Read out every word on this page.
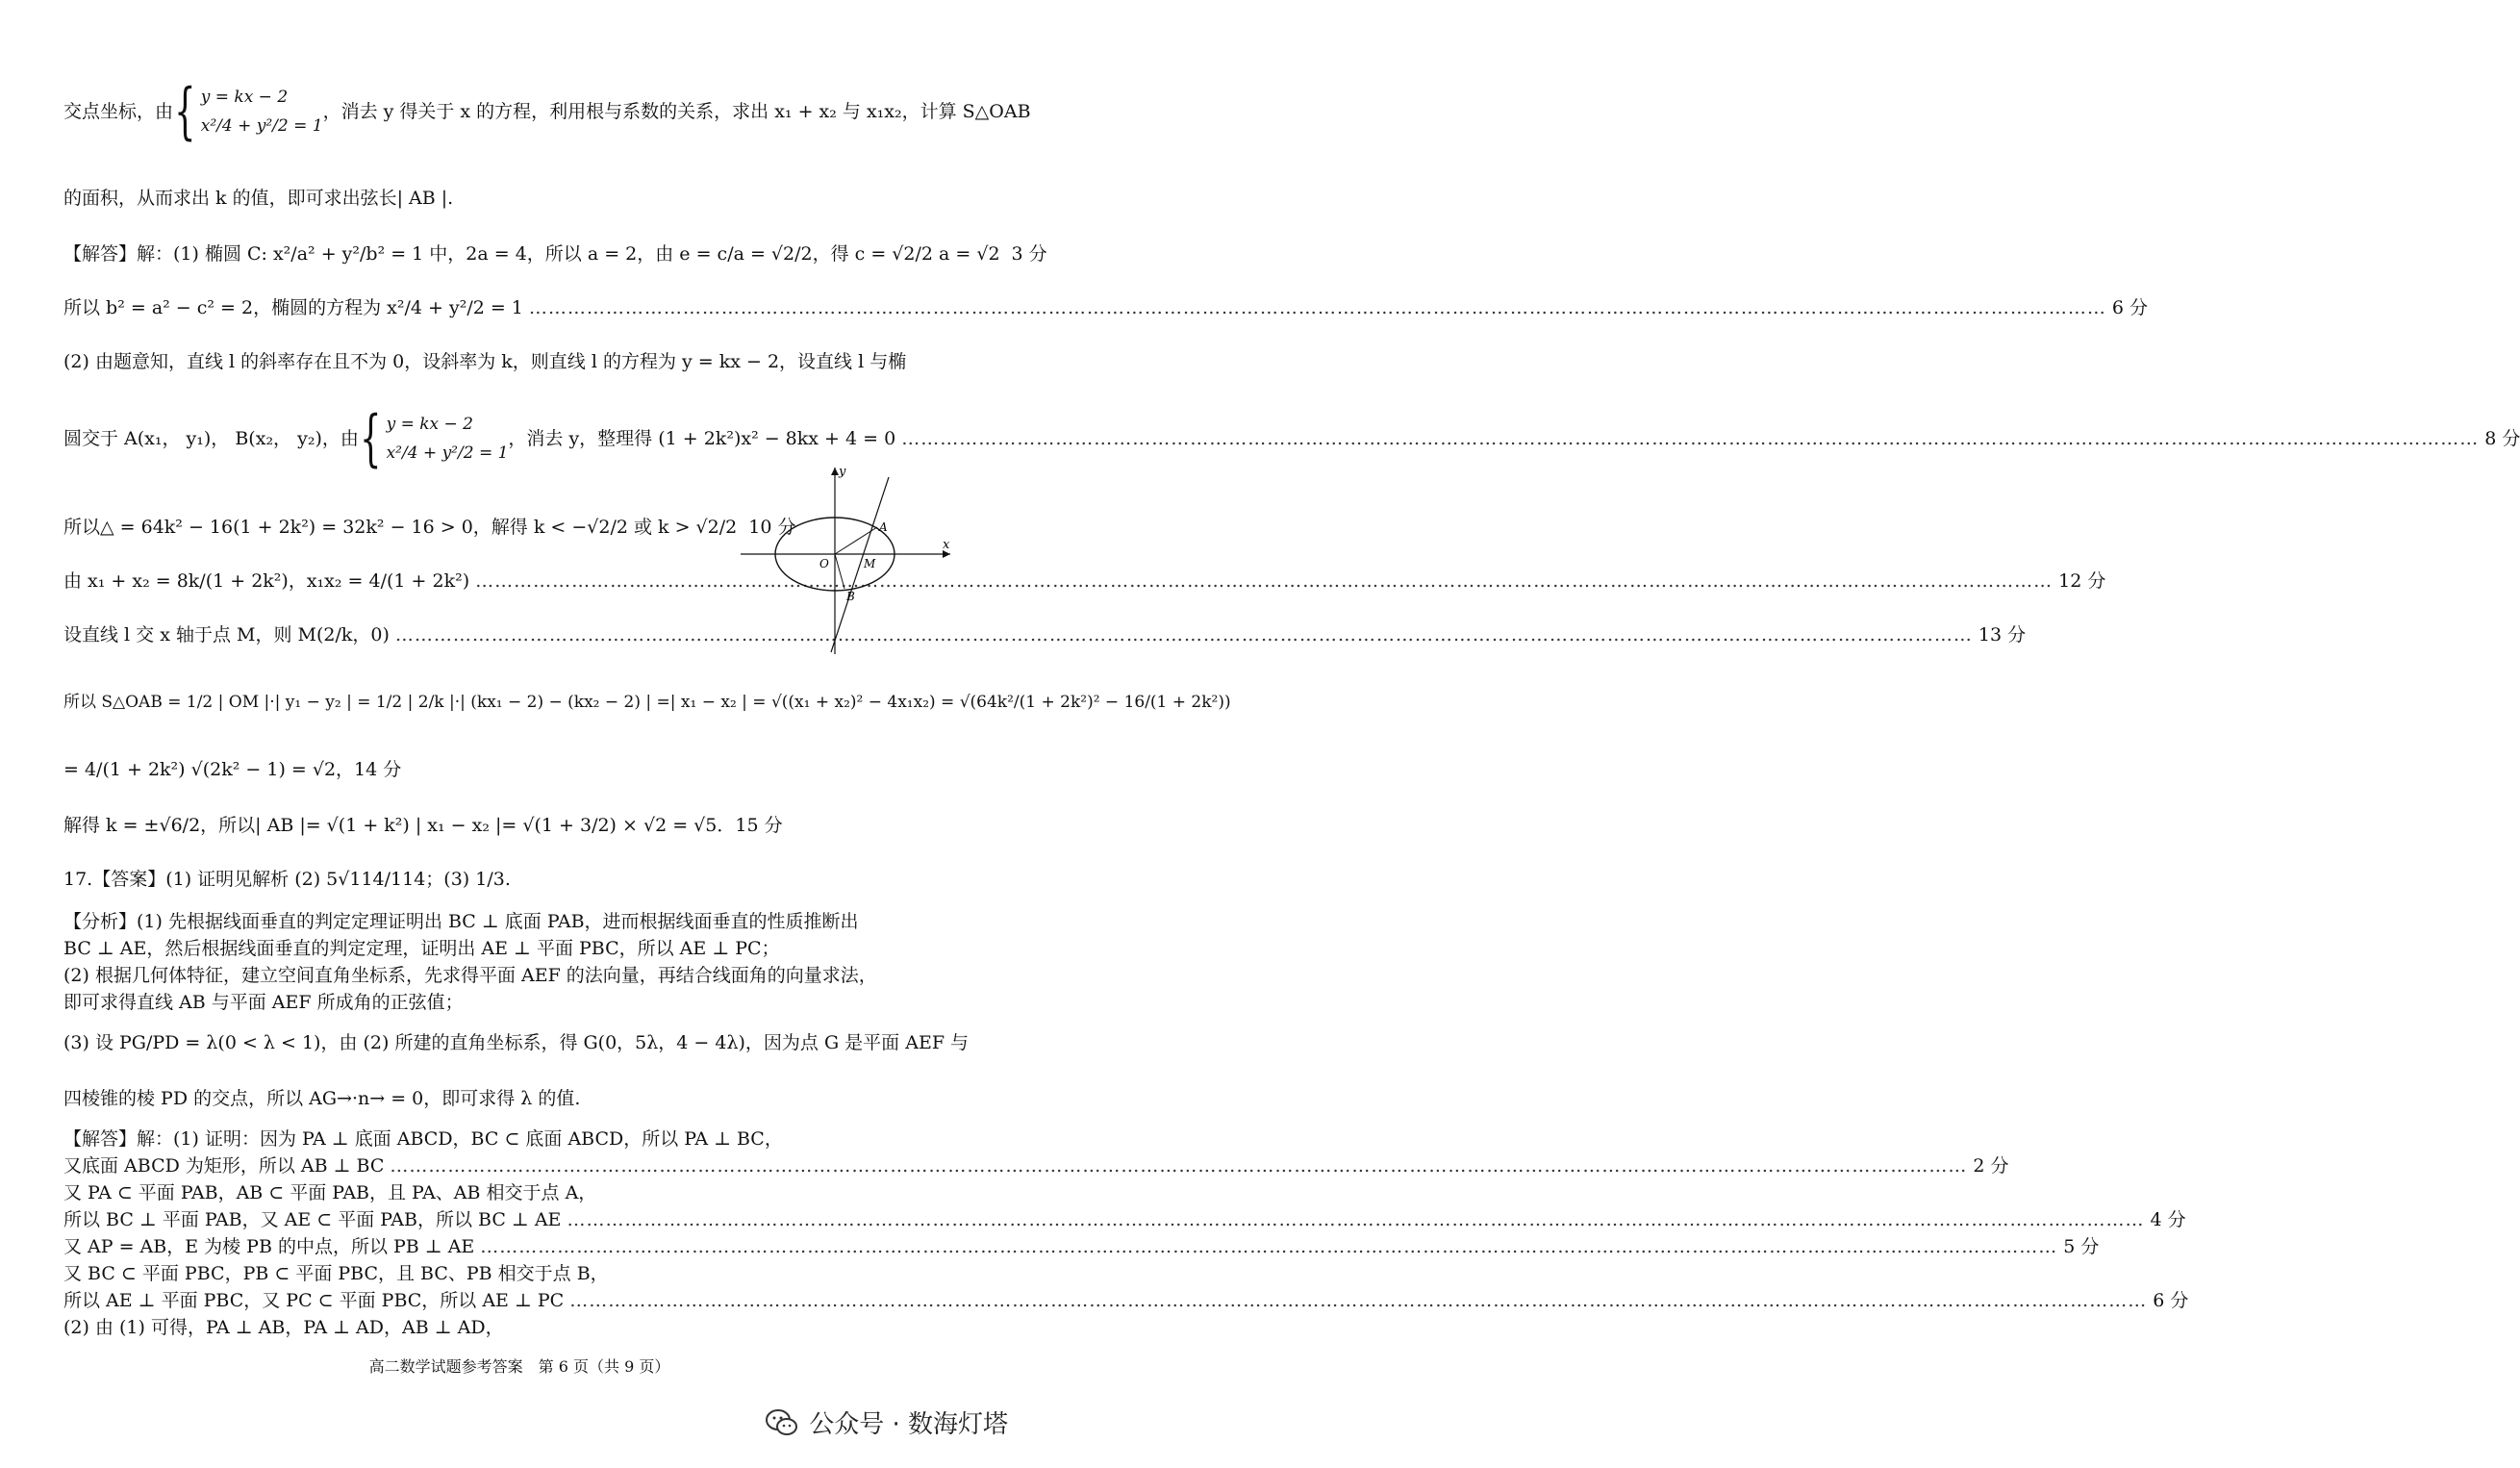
交点坐标，由 { y = kx − 2
x²/4 + y²/2 = 1
，消去 y 得关于 x 的方程，利用根与系数的关系，求出 x₁ + x₂ 与 x₁x₂，计算 S△OAB
的面积，从而求出 k 的值，即可求出弦长| AB |.
【解答】解：(1) 椭圆 C: x²/a² + y²/b² = 1 中，2a = 4，所以 a = 2，由 e = c/a = √2/2，得 c = √2/2 a = √2 3 分
所以 b² = a² − c² = 2，椭圆的方程为 x²/4 + y²/2 = 1 …………………………………………………………………………………………………………………………………………………………………………………………………………………………	6 分
(2) 由题意知，直线 l 的斜率存在且不为 0，设斜率为 k，则直线 l 的方程为 y = kx − 2，设直线 l 与椭
圆交于 A(x₁， y₁)， B(x₂， y₂)，由 { y = kx − 2
x²/4 + y²/2 = 1
，消去 y，整理得 (1 + 2k²)x² − 8kx + 4 = 0 …………………………………………………………………………………………………………………………………………………………………………………………………………………………	8 分
所以△ = 64k² − 16(1 + 2k²) = 32k² − 16 > 0，解得 k < −√2/2 或 k > √2/2 10 分
由 x₁ + x₂ = 8k/(1 + 2k²)，x₁x₂ = 4/(1 + 2k²) …………………………………………………………………………………………………………………………………………………………………………………………………………………………	12 分
设直线 l 交 x 轴于点 M，则 M(2/k，0) …………………………………………………………………………………………………………………………………………………………………………………………………………………………	13 分
所以 S△OAB = 1/2 | OM |·| y₁ − y₂ | = 1/2 | 2/k |·| (kx₁ − 2) − (kx₂ − 2) | =| x₁ − x₂ | = √((x₁ + x₂)² − 4x₁x₂) = √(64k²/(1 + 2k²)² − 16/(1 + 2k²))
= 4/(1 + 2k²) √(2k² − 1) = √2，14 分
解得 k = ±√6/2，所以| AB |= √(1 + k²) | x₁ − x₂ |= √(1 + 3/2) × √2 = √5．15 分
17.【答案】(1) 证明见解析 (2) 5√114/114；(3) 1/3.
【分析】(1) 先根据线面垂直的判定定理证明出 BC ⊥ 底面 PAB，进而根据线面垂直的性质推断出
BC ⊥ AE，然后根据线面垂直的判定定理，证明出 AE ⊥ 平面 PBC，所以 AE ⊥ PC；
(2) 根据几何体特征，建立空间直角坐标系，先求得平面 AEF 的法向量，再结合线面角的向量求法，
即可求得直线 AB 与平面 AEF 所成角的正弦值；
(3) 设 PG/PD = λ(0 < λ < 1)，由 (2) 所建的直角坐标系，得 G(0，5λ，4 − 4λ)，因为点 G 是平面 AEF 与
四棱锥的棱 PD 的交点，所以 AG→·n→ = 0，即可求得 λ 的值.
【解答】解：(1) 证明：因为 PA ⊥ 底面 ABCD，BC ⊂ 底面 ABCD，所以 PA ⊥ BC，
又底面 ABCD 为矩形，所以 AB ⊥ BC …………………………………………………………………………………………………………………………………………………………………………………………………………………………	2 分
又 PA ⊂ 平面 PAB，AB ⊂ 平面 PAB，且 PA、AB 相交于点 A，
所以 BC ⊥ 平面 PAB，又 AE ⊂ 平面 PAB，所以 BC ⊥ AE …………………………………………………………………………………………………………………………………………………………………………………………………………………………	4 分
又 AP = AB，E 为棱 PB 的中点，所以 PB ⊥ AE …………………………………………………………………………………………………………………………………………………………………………………………………………………………	5 分
又 BC ⊂ 平面 PBC，PB ⊂ 平面 PBC，且 BC、PB 相交于点 B，
所以 AE ⊥ 平面 PBC，又 PC ⊂ 平面 PBC，所以 AE ⊥ PC …………………………………………………………………………………………………………………………………………………………………………………………………………………………	6 分
(2) 由 (1) 可得，PA ⊥ AB，PA ⊥ AD，AB ⊥ AD，
y
x
O
A
M
B
高二数学试题参考答案　第 6 页（共 9 页）
公众号 · 数海灯塔
